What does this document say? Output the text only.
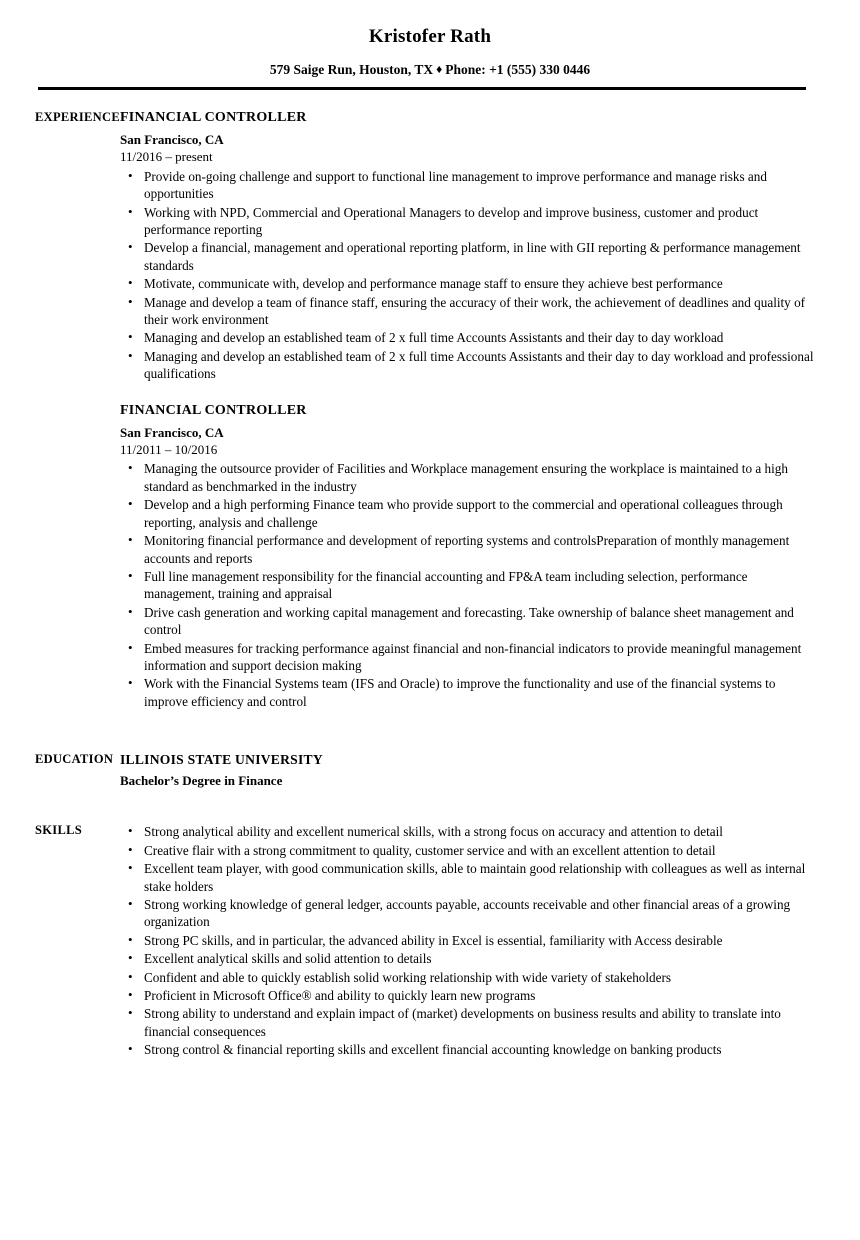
Kristofer Rath
579 Saige Run, Houston, TX ♦ Phone: +1 (555) 330 0446
EXPERIENCE FINANCIAL CONTROLLER
San Francisco, CA
11/2016 – present
• Provide on-going challenge and support to functional line management to improve performance and manage risks and opportunities
• Working with NPD, Commercial and Operational Managers to develop and improve business, customer and product performance reporting
• Develop a financial, management and operational reporting platform, in line with GII reporting & performance management standards
• Motivate, communicate with, develop and performance manage staff to ensure they achieve best performance
• Manage and develop a team of finance staff, ensuring the accuracy of their work, the achievement of deadlines and quality of their work environment
• Managing and develop an established team of 2 x full time Accounts Assistants and their day to day workload
• Managing and develop an established team of 2 x full time Accounts Assistants and their day to day workload and professional qualifications
FINANCIAL CONTROLLER
San Francisco, CA
11/2011 – 10/2016
• Managing the outsource provider of Facilities and Workplace management ensuring the workplace is maintained to a high standard as benchmarked in the industry
• Develop and a high performing Finance team who provide support to the commercial and operational colleagues through reporting, analysis and challenge
• Monitoring financial performance and development of reporting systems and controlsPreparation of monthly management accounts and reports
• Full line management responsibility for the financial accounting and FP&A team including selection, performance management, training and appraisal
• Drive cash generation and working capital management and forecasting. Take ownership of balance sheet management and control
• Embed measures for tracking performance against financial and non-financial indicators to provide meaningful management information and support decision making
• Work with the Financial Systems team (IFS and Oracle) to improve the functionality and use of the financial systems to improve efficiency and control
EDUCATION ILLINOIS STATE UNIVERSITY
Bachelor’s Degree in Finance
SKILLS	• Strong analytical ability and excellent numerical skills, with a strong focus on accuracy and attention to detail
• Creative flair with a strong commitment to quality, customer service and with an excellent attention to detail
• Excellent team player, with good communication skills, able to maintain good relationship with colleagues as well as internal stake holders
• Strong working knowledge of general ledger, accounts payable, accounts receivable and other financial areas of a growing organization
• Strong PC skills, and in particular, the advanced ability in Excel is essential, familiarity with Access desirable
• Excellent analytical skills and solid attention to details
• Confident and able to quickly establish solid working relationship with wide variety of stakeholders
• Proficient in Microsoft Office® and ability to quickly learn new programs
• Strong ability to understand and explain impact of (market) developments on business results and ability to translate into financial consequences
• Strong control & financial reporting skills and excellent financial accounting knowledge on banking products
